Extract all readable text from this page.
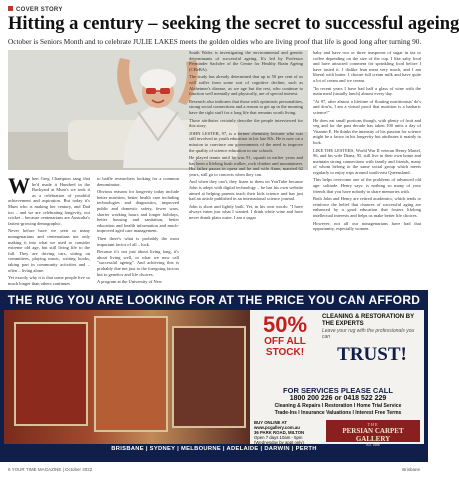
COVER STORY
Hitting a century – seeking the secret to successful ageing
October is Seniors Month and to celebrate JULIE LAKES meets the golden oldies who are living proof that life is good long after turning 90.

When Greg Champion sang that he'd made it Hundred in the Backyard at Mum's we took it as a celebration of youthful achievement and aspiration. But today it's Mum who is making her century, and Dad too – and we are celebrating longevity, not cricket – because centenarians are Australia's fastest-growing demographic.

Never before have we seen so many nonagenarians and centenarians not only making it into what we used to consider extreme old age, but still living life to the full. They are driving cars, sitting on committees, playing music, writing books, taking part in community activities and – often – living alone.

Yet exactly why it is that some people live so much longer than others continues

to baffle researchers looking for a common denominator.

Obvious reasons for longevity today include better nutrition, better health care including technologies and diagnostics, improved public and domestic safety, fewer wars, shorter working hours and longer holidays, better housing and sanitation, better education and health information and much-improved aged care management.

Then there's what is probably the most important factor of all – luck.

Because it's not just about living long, it's about living well, or what we now call "successful ageing". And achieving this is probably due not just to the foregoing factors but to genetics and life choices.

A program at the University of New

South Wales is investigating the environmental and genetic determinants of successful ageing. It's led by Professor Perminder Sachdev of the Centre for Healthy Brain Ageing (CHeBA).

The study has already determined that up to 50 per cent of us will suffer from some sort of cognitive decline, such as Alzheimer's disease, as we age but the rest, who continue to function well mentally and physically, are of special interest.

Research also indicates that those with optimistic personalities, strong social connections and a reason to get up in the morning have the right stuff for a long life that remains worth living.

Those attributes certainly describe the people interviewed for this story.

JOHN LESTER, 97, is a former chemistry lecturer who was still involved in youth education in his late 80s. He is now on a mission to convince our governments of the need to improve the quality of science education in our schools.

He played tennis until he was 91, squash in earlier years and has been a lifelong bush walker, rock climber and mountaineer. His father passes in opera and he and wife Anne, married 62 years, still go to concerts when they can.

And when they can't, they listen to them on YouTube because John is adept with digital technology – he has his own website aimed at helping parents teach their kids science and has just had an article published in an international science journal.

John is short and lightly built. Yet, in his own words: "I have always eaten just what I wanted. I drink white wine and have never drunk plain water. I am a sugar

baby and have two or three teaspoons of sugar in tea or coffee depending on the size of the cup. I like salty food and have attracted comment for sprinkling food before I have tasted it. I dislike lean meat very much, and I am liberal with butter. I choose full cream milk and have quite a lot of cream and ice cream.

"In recent years I have had half a glass of wine with the main meal (usually lunch) almost every day.

"At 97, after almost a lifetime of flouting nutritionists' do's and don'ts, I am a virtual proof that nutrition is a barbaric science!"

He does eat small portions though, with plenty of fruit and veg and for the past decade has taken 100 units a day of Vitamin E. He thinks the intensity of his passion for science might be a factor in his longevity but attributes it mainly to luck.

LIKE THE LESTERS, World War II veteran Henry Martel, 96, and his wife Diana, 95, still live in their own home and maintain strong connections with family and friends, many of whom belong to the same social group which meets regularly to enjoy trips around south-east Queensland.

This helps overcome one of the problems of advanced old age: solitude. Henry says: is nothing so many of your friends that you have nobody to share memories with.

Both John and Henry are retired academics, which tends to reinforce the belief that chances of successful aging are enhanced by a good education that fosters lifelong intellectual interests and helps us make better life choices.

However, not all our nonagenarians have had that opportunity, especially women.

THE RUG YOU ARE LOOKING FOR AT THE PRICE YOU CAN AFFORD
50%
OFF ALL STOCK!
CLEANING & RESTORATION BY THE EXPERTS
Leave your rug with the professionals you can
TRUST!
FOR SERVICES PLEASE CALL
1800 200 226 or 0418 522 229
Cleaning & Repairs I Restoration I Home Trial Service
Trade-Ins I Insurance Valuations I Interest Free Terms
BUY ONLINE AT
www.pcgallery.com.au
36 PARK ROAD, MILTON
Open 7 days 10am - 5pm
(Wednesday by appt only)
THE
PERSIAN CARPET GALLERY
Est. 1988
BRISBANE | SYDNEY | MELBOURNE | ADELAIDE | DARWIN | PERTH
6 YOUR TIME MAGAZINE | October 2022	Brisbane
